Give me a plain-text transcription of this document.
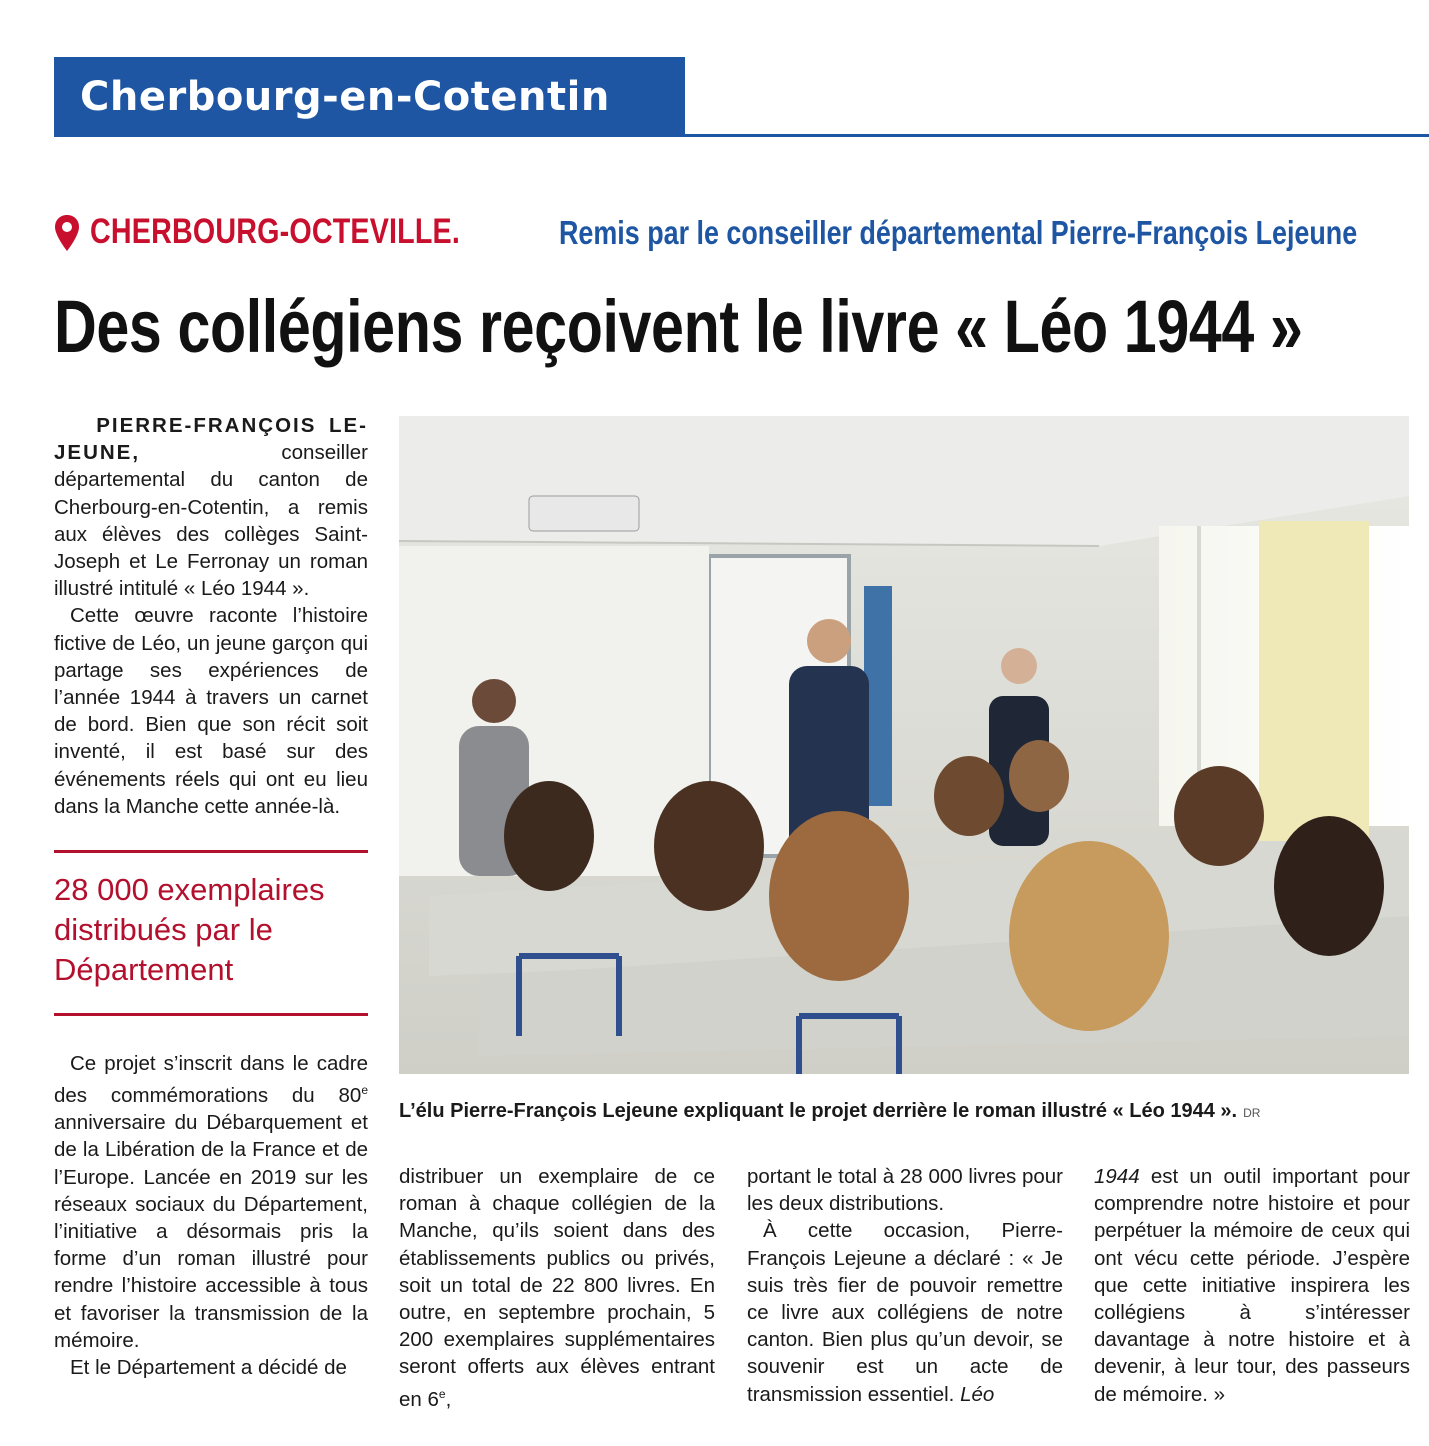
Cherbourg-en-Cotentin
CHERBOURG-OCTEVILLE.	Remis par le conseiller départemental Pierre-François Lejeune
Des collégiens reçoivent le livre « Léo 1944 »

PIERRE-FRANÇOIS LE-JEUNE, conseiller départemental du canton de Cherbourg-en-Cotentin, a remis aux élèves des collèges Saint-Joseph et Le Ferronay un roman illustré intitulé « Léo 1944 ».

Cette œuvre raconte l’histoire fictive de Léo, un jeune garçon qui partage ses expériences de l’année 1944 à travers un carnet de bord. Bien que son récit soit inventé, il est basé sur des événements réels qui ont eu lieu dans la Manche cette année-là.

28 000 exemplaires distribués par le Département

Ce projet s’inscrit dans le cadre des commémorations du 80e anniversaire du Débarquement et de la Libération de la France et de l’Europe. Lancée en 2019 sur les réseaux sociaux du Département, l’initiative a désormais pris la forme d’un roman illustré pour rendre l’histoire accessible à tous et favoriser la transmission de la mémoire.

Et le Département a décidé de

L’élu Pierre-François Lejeune expliquant le projet derrière le roman illustré « Léo 1944 ». DR

distribuer un exemplaire de ce roman à chaque collégien de la Manche, qu’ils soient dans des établissements publics ou privés, soit un total de 22 800 livres. En outre, en septembre prochain, 5 200 exemplaires supplémentaires seront offerts aux élèves entrant en 6e,

portant le total à 28 000 livres pour les deux distributions.

À cette occasion, Pierre-François Lejeune a déclaré : « Je suis très fier de pouvoir remettre ce livre aux collégiens de notre canton. Bien plus qu’un devoir, se souvenir est un acte de transmission essentiel. Léo

1944 est un outil important pour comprendre notre histoire et pour perpétuer la mémoire de ceux qui ont vécu cette période. J’espère que cette initiative inspirera les collégiens à s’intéresser davantage à notre histoire et à devenir, à leur tour, des passeurs de mémoire. »
